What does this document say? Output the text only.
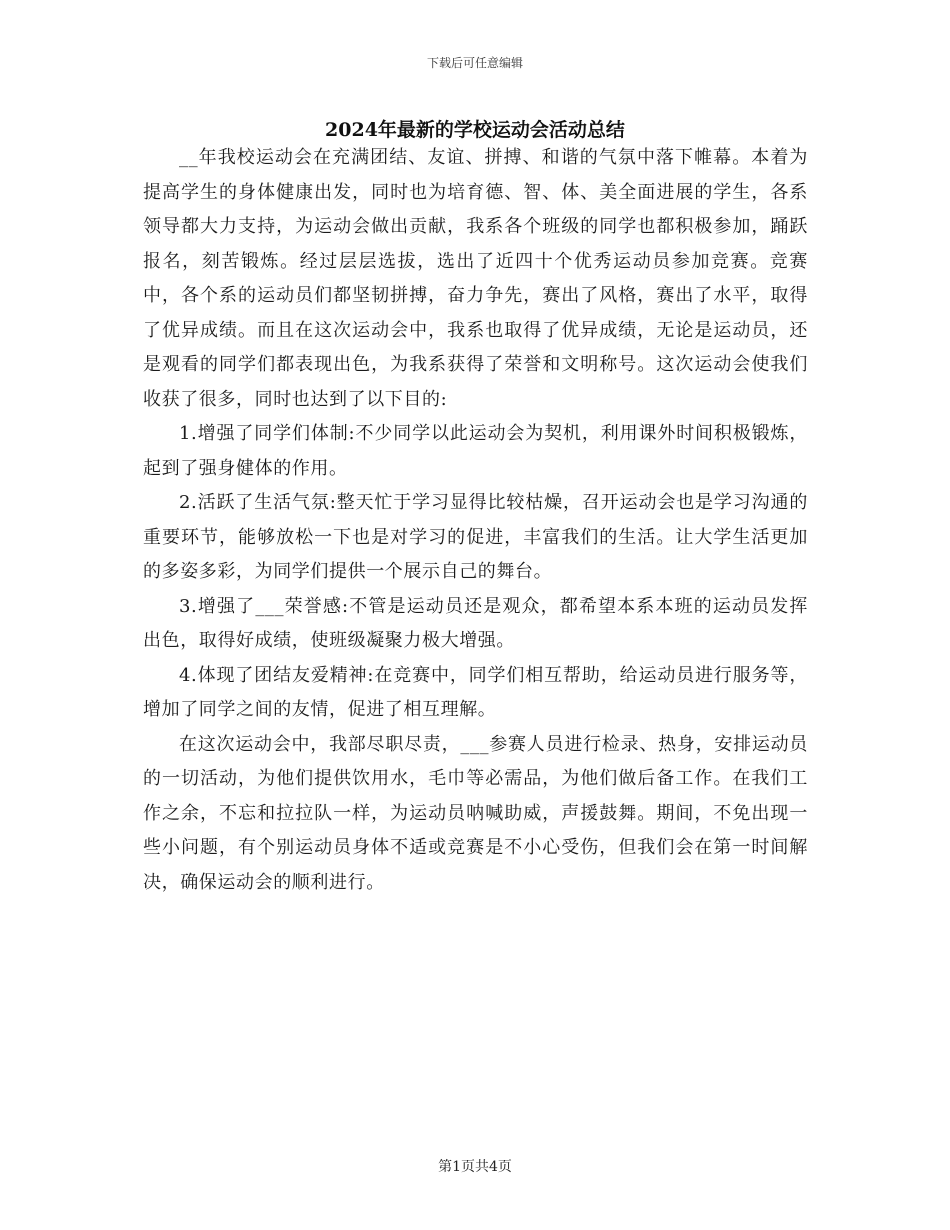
下载后可任意编辑
2024年最新的学校运动会活动总结

__年我校运动会在充满团结、友谊、拼搏、和谐的气氛中落下帷幕。本着为提高学生的身体健康出发，同时也为培育德、智、体、美全面进展的学生，各系领导都大力支持，为运动会做出贡献，我系各个班级的同学也都积极参加，踊跃报名，刻苦锻炼。经过层层选拔，选出了近四十个优秀运动员参加竞赛。竞赛中，各个系的运动员们都坚韧拼搏，奋力争先，赛出了风格，赛出了水平，取得了优异成绩。而且在这次运动会中，我系也取得了优异成绩，无论是运动员，还是观看的同学们都表现出色，为我系获得了荣誉和文明称号。这次运动会使我们收获了很多，同时也达到了以下目的:

1.增强了同学们体制:不少同学以此运动会为契机，利用课外时间积极锻炼，起到了强身健体的作用。

2.活跃了生活气氛:整天忙于学习显得比较枯燥，召开运动会也是学习沟通的重要环节，能够放松一下也是对学习的促进，丰富我们的生活。让大学生活更加的多姿多彩，为同学们提供一个展示自己的舞台。

3.增强了___荣誉感:不管是运动员还是观众，都希望本系本班的运动员发挥出色，取得好成绩，使班级凝聚力极大增强。

4.体现了团结友爱精神:在竞赛中，同学们相互帮助，给运动员进行服务等，增加了同学之间的友情，促进了相互理解。

在这次运动会中，我部尽职尽责，___参赛人员进行检录、热身，安排运动员的一切活动，为他们提供饮用水，毛巾等必需品，为他们做后备工作。在我们工作之余，不忘和拉拉队一样，为运动员呐喊助威，声援鼓舞。期间，不免出现一些小问题，有个别运动员身体不适或竞赛是不小心受伤，但我们会在第一时间解决，确保运动会的顺利进行。

第1页共4页
